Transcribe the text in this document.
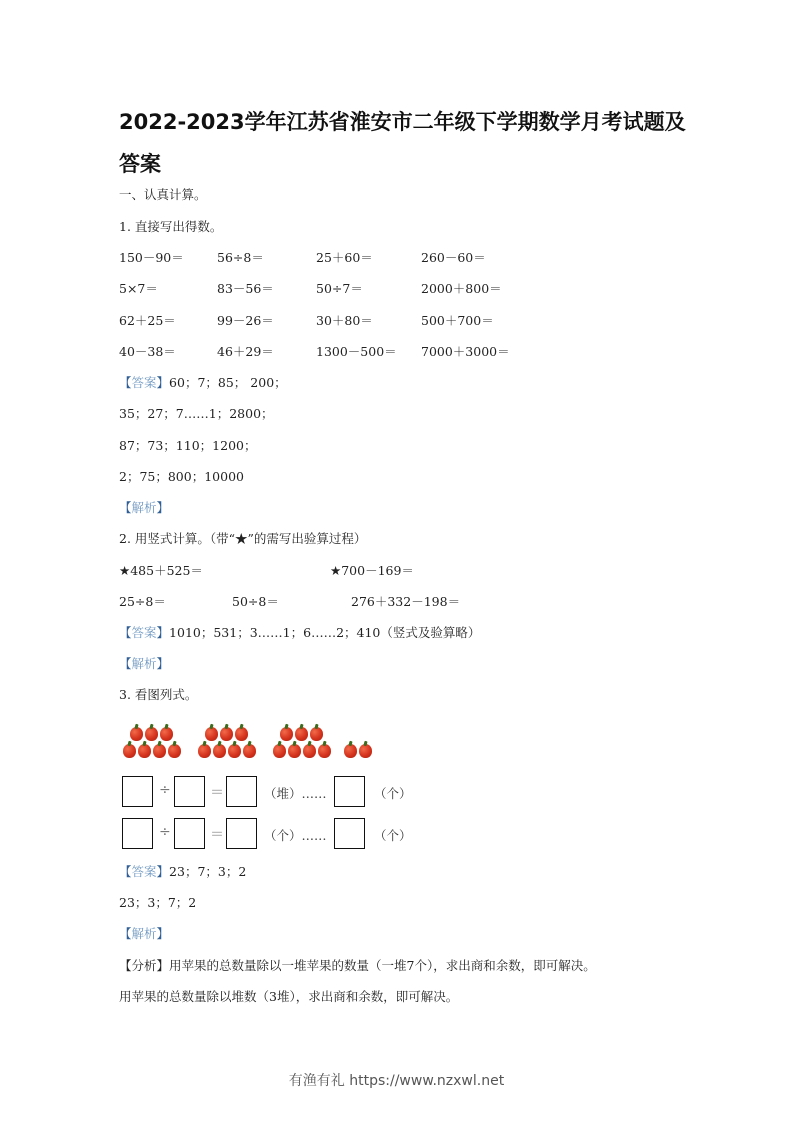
2022-2023学年江苏省淮安市二年级下学期数学月考试题及
答案
一、认真计算。
1. 直接写出得数。
150－90＝	56÷8＝	25＋60＝	260－60＝
5×7＝	83－56＝	50÷7＝	2000＋800＝
62＋25＝	99－26＝	30＋80＝	500＋700＝
40－38＝	46＋29＝	1300－500＝ 7000＋3000＝
【答案】60；7；85； 200；
35；27；7……1；2800；
87；73；110；1200；
2；75；800；10000
【解析】
2. 用竖式计算。（带“★”的需写出验算过程）
★485＋525＝	★700－169＝
25÷8＝	50÷8＝	276＋332－198＝
【答案】1010；531；3……1；6……2；410（竖式及验算略）
【解析】
3. 看图列式。
÷	＝	（堆）……	（个）
÷	＝	（个）……	（个）
【答案】23；7；3；2
23；3；7；2
【解析】
【分析】用苹果的总数量除以一堆苹果的数量（一堆7个），求出商和余数，即可解决。
用苹果的总数量除以堆数（3堆），求出商和余数，即可解决。
有渔有礼 https://www.nzxwl.net
